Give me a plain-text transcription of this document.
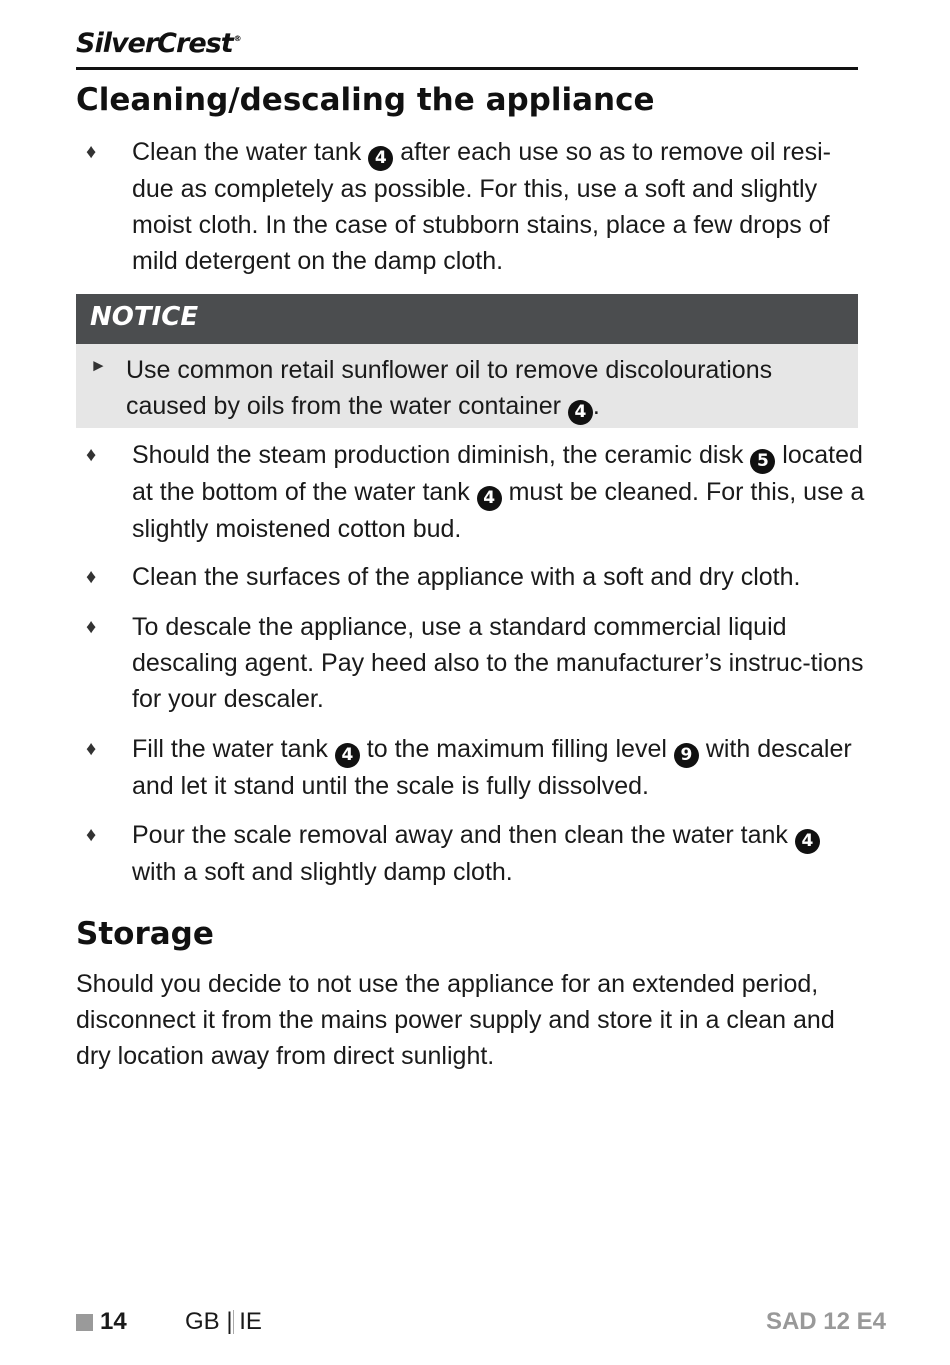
SilverCrest®
Cleaning/descaling the appliance
♦ Clean the water tank 4 after each use so as to remove oil resi-due as completely as possible. For this, use a soft and slightly moist cloth. In the case of stubborn stains, place a few drops of mild detergent on the damp cloth.
NOTICE
► Use common retail sunflower oil to remove discolourations caused by oils from the water container 4 .
♦ Should the steam production diminish, the ceramic disk 5 located at the bottom of the water tank 4 must be cleaned. For this, use a slightly moistened cotton bud.
♦ Clean the surfaces of the appliance with a soft and dry cloth.
♦ To descale the appliance, use a standard commercial liquid descaling agent. Pay heed also to the manufacturer’s instruc-tions for your descaler.
♦ Fill the water tank 4 to the maximum filling level 9 with descaler and let it stand until the scale is fully dissolved.
♦ Pour the scale removal away and then clean the water tank 4 with a soft and slightly damp cloth.
Storage
Should you decide to not use the appliance for an extended period, disconnect it from the mains power supply and store it in a clean and dry location away from direct sunlight.
14 GB | IE	SAD 12 E4
